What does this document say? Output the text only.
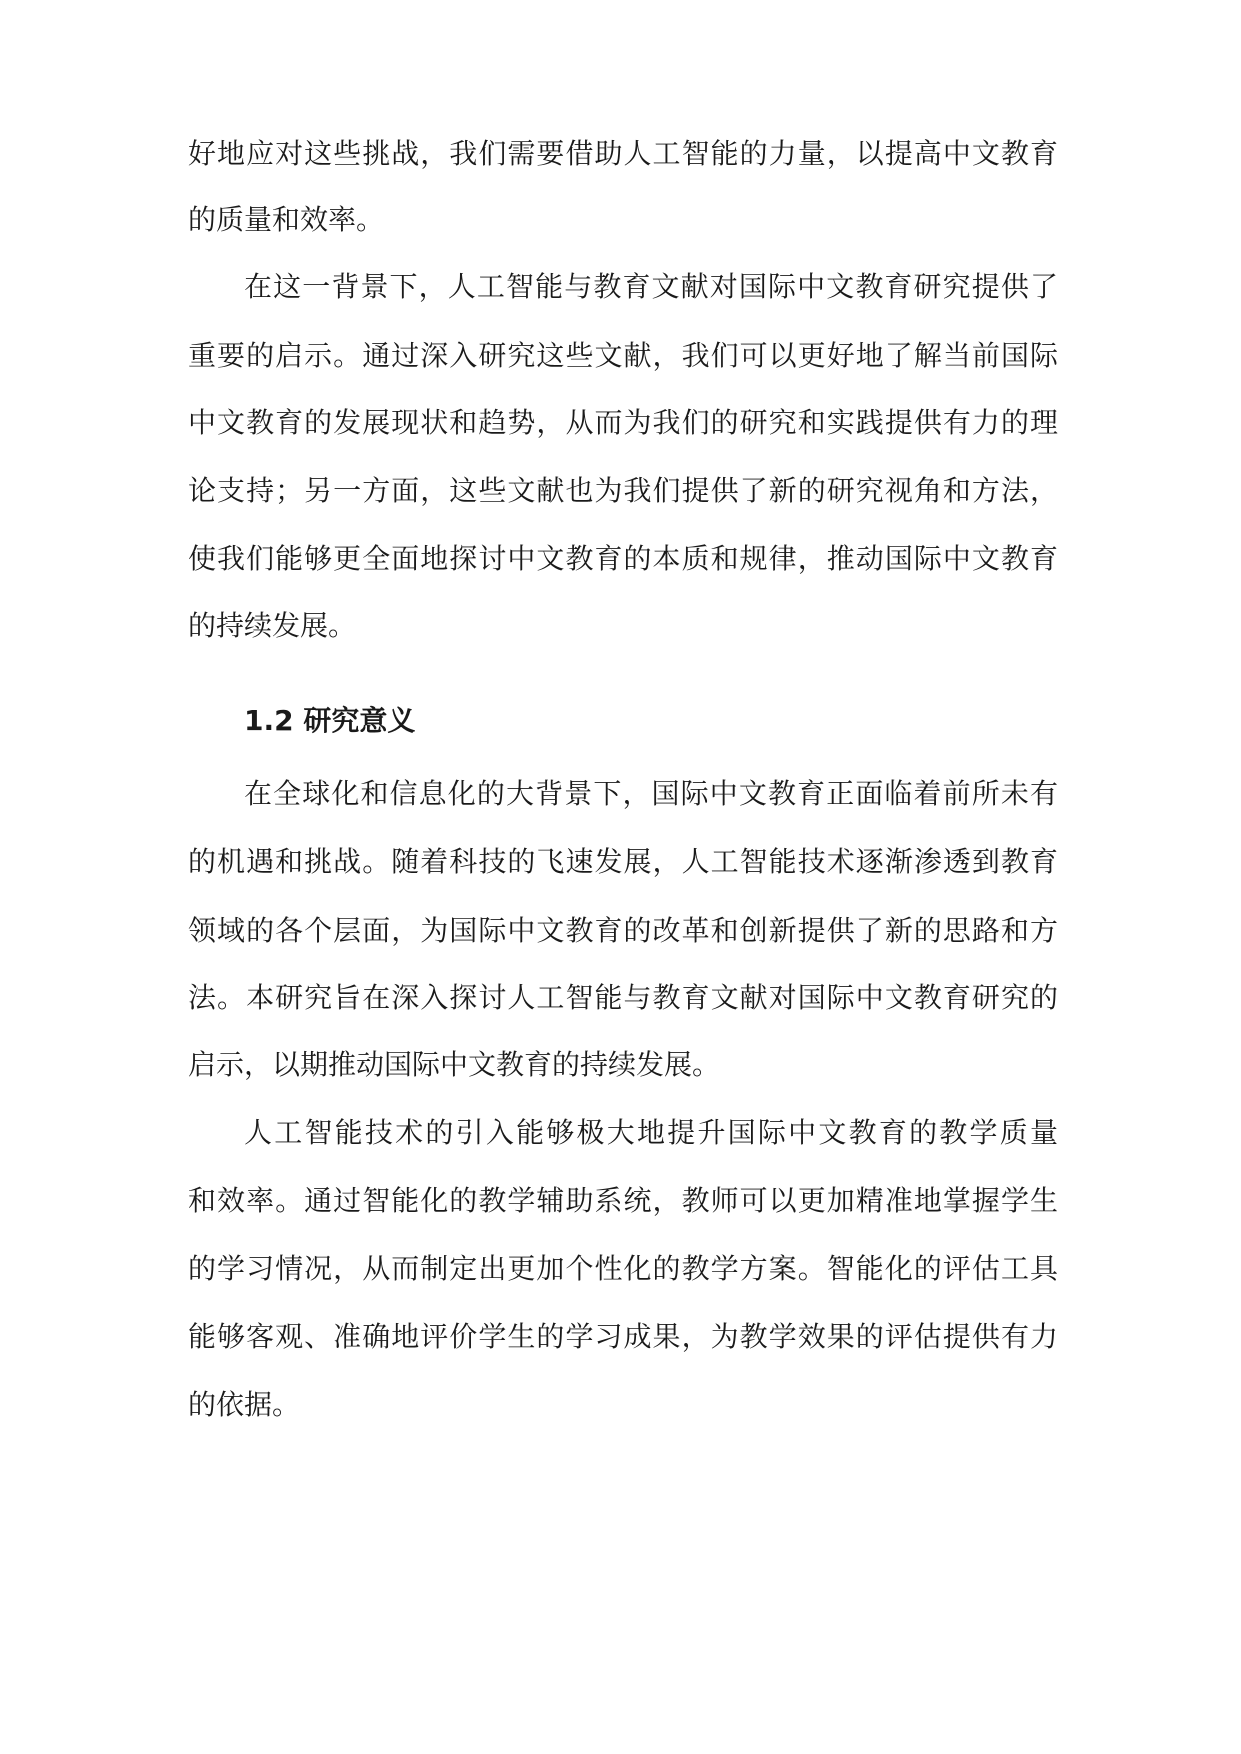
好地应对这些挑战，我们需要借助人工智能的力量，以提高中文教育
的质量和效率。
在这一背景下，人工智能与教育文献对国际中文教育研究提供了
重要的启示。通过深入研究这些文献，我们可以更好地了解当前国际
中文教育的发展现状和趋势，从而为我们的研究和实践提供有力的理
论支持；另一方面，这些文献也为我们提供了新的研究视角和方法，
使我们能够更全面地探讨中文教育的本质和规律，推动国际中文教育
的持续发展。
1.2 研究意义
在全球化和信息化的大背景下，国际中文教育正面临着前所未有
的机遇和挑战。随着科技的飞速发展，人工智能技术逐渐渗透到教育
领域的各个层面，为国际中文教育的改革和创新提供了新的思路和方
法。本研究旨在深入探讨人工智能与教育文献对国际中文教育研究的
启示，以期推动国际中文教育的持续发展。
人工智能技术的引入能够极大地提升国际中文教育的教学质量
和效率。通过智能化的教学辅助系统，教师可以更加精准地掌握学生
的学习情况，从而制定出更加个性化的教学方案。智能化的评估工具
能够客观、准确地评价学生的学习成果，为教学效果的评估提供有力
的依据。
